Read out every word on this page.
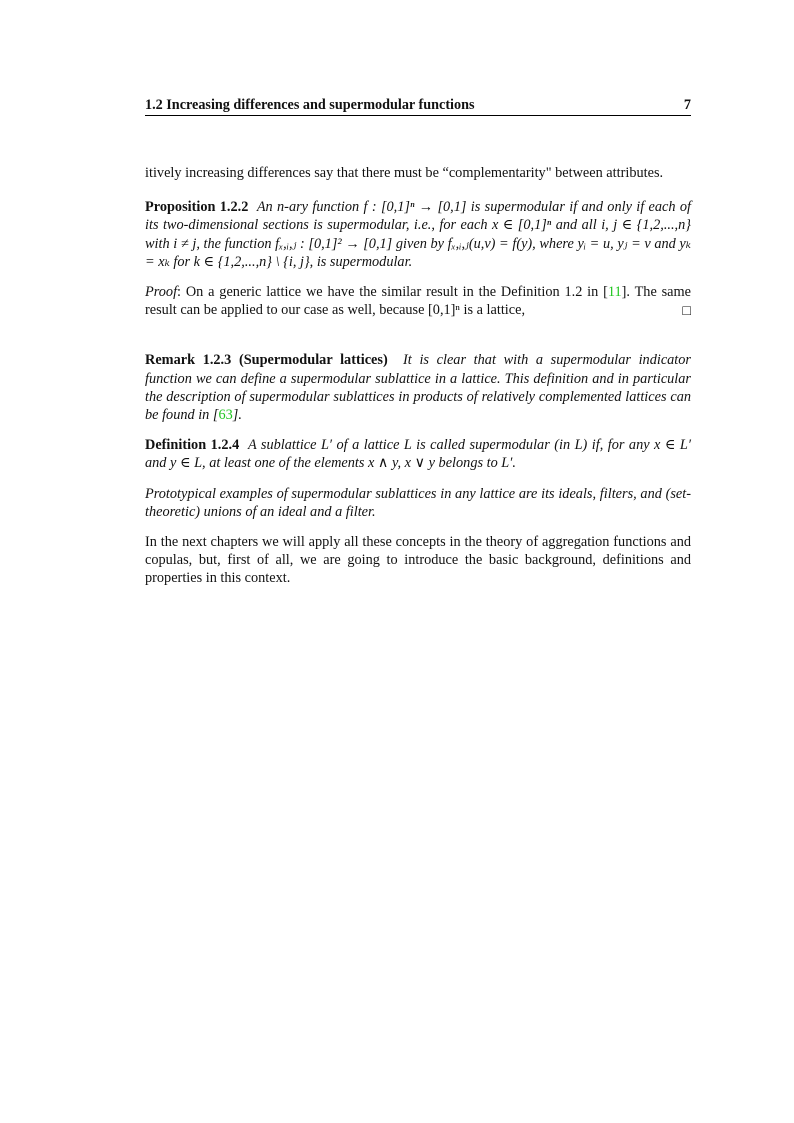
1.2 Increasing differences and supermodular functions	7

itively increasing differences say that there must be “complementarity" between attributes.

Proposition 1.2.2 An n-ary function f : [0,1]ⁿ → [0,1] is supermodular if and only if each of its two-dimensional sections is supermodular, i.e., for each x ∈ [0,1]ⁿ and all i, j ∈ {1,2,...,n} with i ≠ j, the function fₓ,ᵢ,ⱼ : [0,1]² → [0,1] given by fₓ,ᵢ,ⱼ(u,v) = f(y), where yᵢ = u, yⱼ = v and yₖ = xₖ for k ∈ {1,2,...,n} \ {i, j}, is supermodular.

Proof: On a generic lattice we have the similar result in the Definition 1.2 in [11]. The same result can be applied to our case as well, because [0,1]ⁿ is a lattice,	□

Remark 1.2.3 (Supermodular lattices) It is clear that with a supermodular indicator function we can define a supermodular sublattice in a lattice. This definition and in particular the description of supermodular sublattices in products of relatively complemented lattices can be found in [63].

Definition 1.2.4 A sublattice L′ of a lattice L is called supermodular (in L) if, for any x ∈ L′ and y ∈ L, at least one of the elements x ∧ y, x ∨ y belongs to L′.

Prototypical examples of supermodular sublattices in any lattice are its ideals, filters, and (set-theoretic) unions of an ideal and a filter.

In the next chapters we will apply all these concepts in the theory of aggregation functions and copulas, but, first of all, we are going to introduce the basic background, definitions and properties in this context.
